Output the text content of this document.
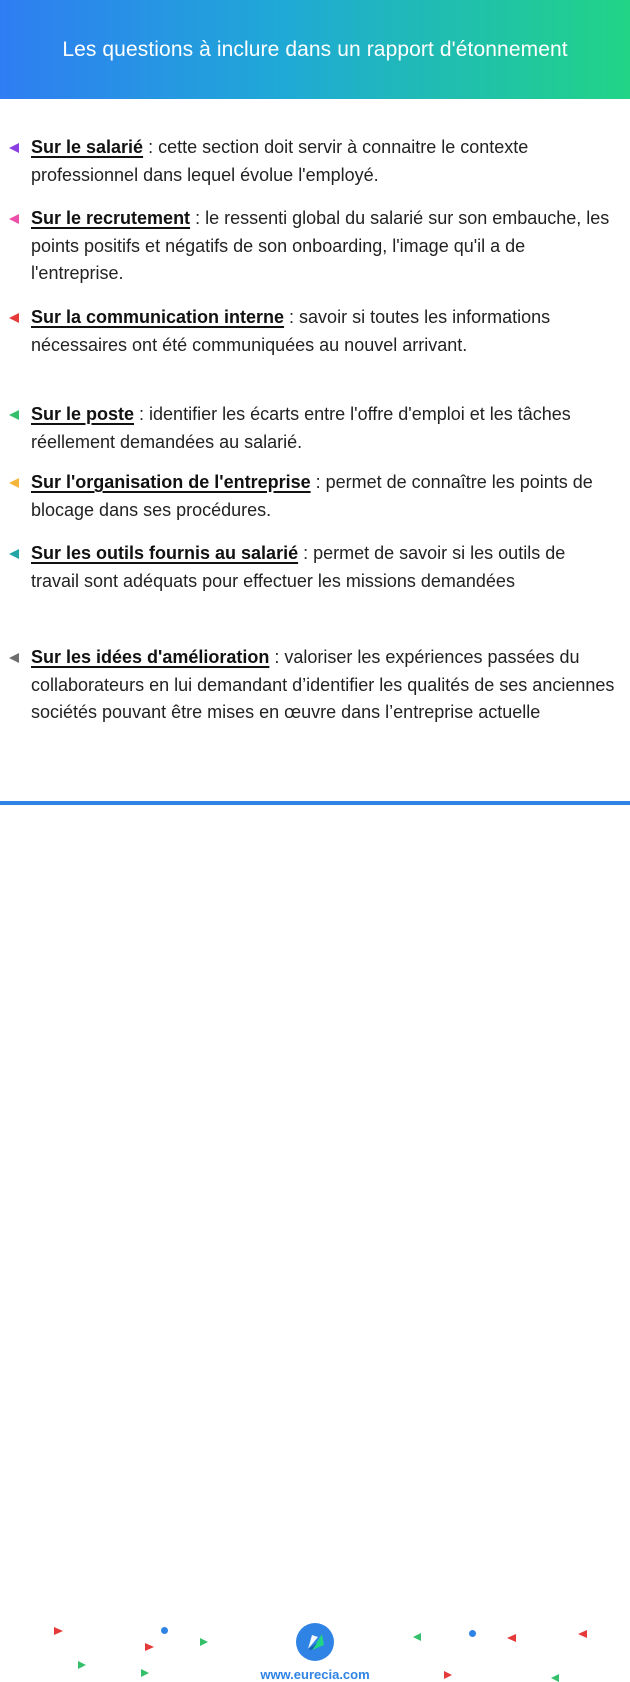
Les questions à inclure dans un rapport d'étonnement
Sur le salarié : cette section doit servir à connaitre le contexte professionnel dans lequel évolue l'employé.
Sur le recrutement : le ressenti global du salarié sur son embauche, les points positifs et négatifs de son onboarding, l'image qu'il a de l'entreprise.
Sur la communication interne : savoir si toutes les informations nécessaires ont été communiquées au nouvel arrivant.
Sur le poste : identifier les écarts entre l'offre d'emploi et les tâches réellement demandées au salarié.
Sur l'organisation de l'entreprise : permet de connaître les points de blocage dans ses procédures.
Sur les outils fournis au salarié : permet de savoir si les outils de travail sont adéquats pour effectuer les missions demandées
Sur les idées d'amélioration : valoriser les expériences passées du collaborateurs en lui demandant d’identifier les qualités de ses anciennes sociétés pouvant être mises en œuvre dans l’entreprise actuelle
www.eurecia.com
